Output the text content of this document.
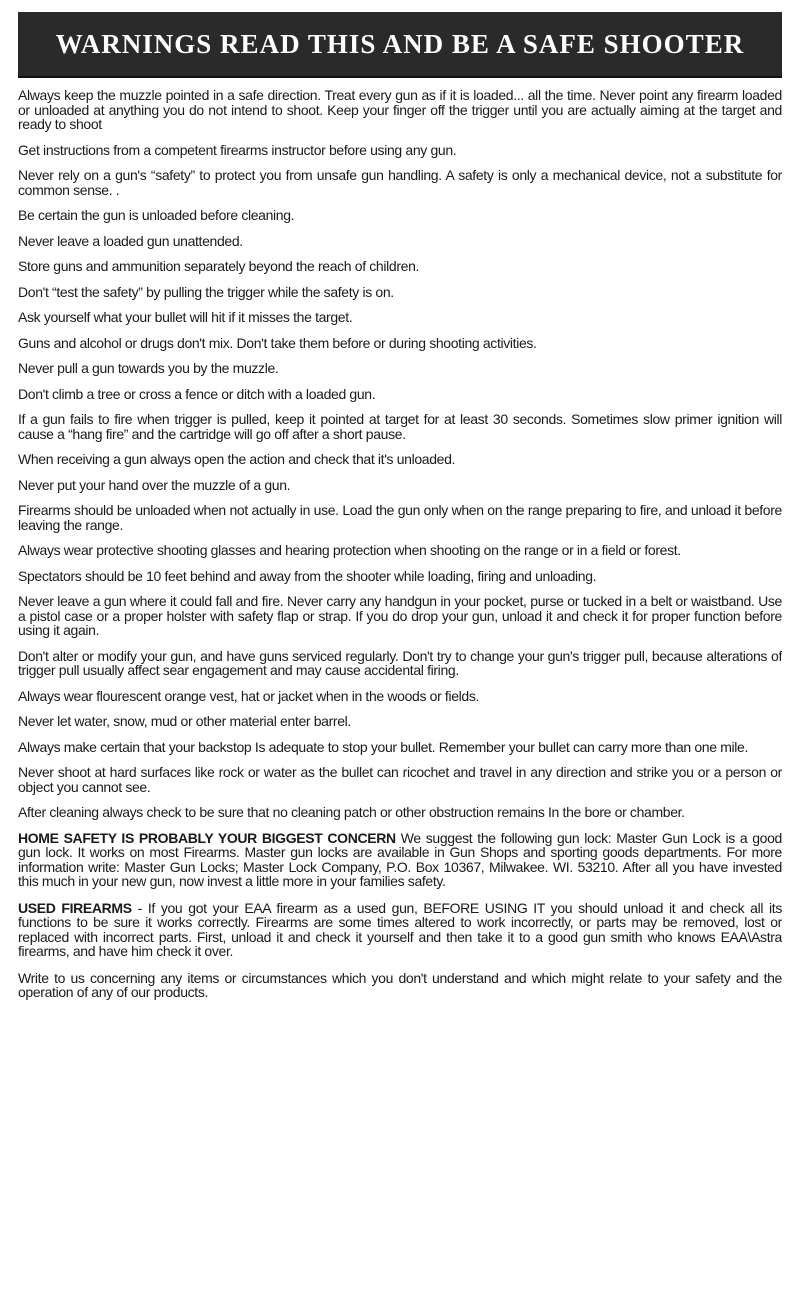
WARNINGS READ THIS AND BE A SAFE SHOOTER

Always keep the muzzle pointed in a safe direction. Treat every gun as if it is loaded... all the time. Never point any firearm loaded or unloaded at anything you do not intend to shoot. Keep your finger off the trigger until you are actually aiming at the target and ready to shoot

Get instructions from a competent firearms instructor before using any gun.

Never rely on a gun's “safety” to protect you from unsafe gun handling. A safety is only a mechanical device, not a substitute for common sense. .

Be certain the gun is unloaded before cleaning.

Never leave a loaded gun unattended.

Store guns and ammunition separately beyond the reach of children.

Don't “test the safety” by pulling the trigger while the safety is on.

Ask yourself what your bullet will hit if it misses the target.

Guns and alcohol or drugs don't mix. Don't take them before or during shooting activities.

Never pull a gun towards you by the muzzle.

Don't climb a tree or cross a fence or ditch with a loaded gun.

If a gun fails to fire when trigger is pulled, keep it pointed at target for at least 30 seconds. Sometimes slow primer ignition will cause a “hang fire” and the cartridge will go off after a short pause.

When receiving a gun always open the action and check that it's unloaded.

Never put your hand over the muzzle of a gun.

Firearms should be unloaded when not actually in use. Load the gun only when on the range preparing to fire, and unload it before leaving the range.

Always wear protective shooting glasses and hearing protection when shooting on the range or in a field or forest.

Spectators should be 10 feet behind and away from the shooter while loading, firing and unloading.

Never leave a gun where it could fall and fire. Never carry any handgun in your pocket, purse or tucked in a belt or waistband. Use a pistol case or a proper holster with safety flap or strap. If you do drop your gun, unload it and check it for proper function before using it again.

Don't alter or modify your gun, and have guns serviced regularly. Don't try to change your gun's trigger pull, because alterations of trigger pull usually affect sear engagement and may cause accidental firing.

Always wear flourescent orange vest, hat or jacket when in the woods or fields.

Never let water, snow, mud or other material enter barrel.

Always make certain that your backstop Is adequate to stop your bullet. Remember your bullet can carry more than one mile.

Never shoot at hard surfaces like rock or water as the bullet can ricochet and travel in any direction and strike you or a person or object you cannot see.

After cleaning always check to be sure that no cleaning patch or other obstruction remains In the bore or chamber.

HOME SAFETY IS PROBABLY YOUR BIGGEST CONCERN We suggest the following gun lock: Master Gun Lock is a good gun lock. It works on most Firearms. Master gun locks are available in Gun Shops and sporting goods departments. For more information write: Master Gun Locks; Master Lock Company, P.O. Box 10367, Milwakee. WI. 53210. After all you have invested this much in your new gun, now invest a little more in your families safety.

USED FIREARMS - If you got your EAA firearm as a used gun, BEFORE USING IT you should unload it and check all its functions to be sure it works correctly. Firearms are some times altered to work incorrectly, or parts may be removed, lost or replaced with incorrect parts. First, unload it and check it yourself and then take it to a good gun smith who knows EAA\Astra firearms, and have him check it over.

Write to us concerning any items or circumstances which you don't understand and which might relate to your safety and the operation of any of our products.
